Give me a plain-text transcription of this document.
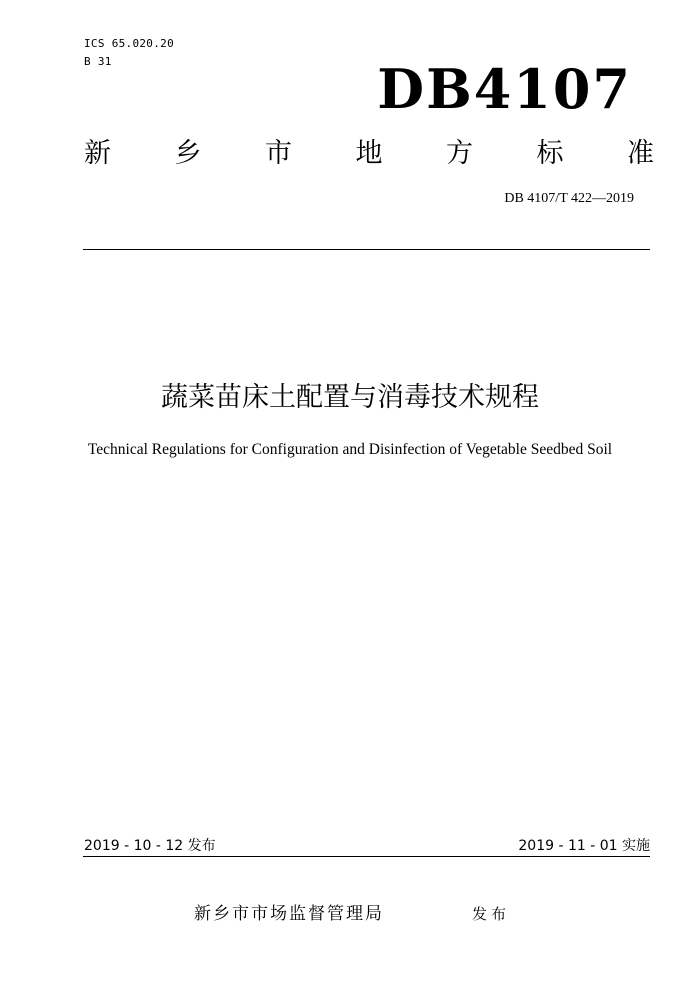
ICS 65.020.20
B 31	DB4107
新 乡 市 地 方 标 准
DB 4107/T 422—2019
蔬菜苗床土配置与消毒技术规程
Technical Regulations for Configuration and Disinfection of Vegetable Seedbed Soil
2019 - 10 - 12 发布	2019 - 11 - 01 实施
新乡市市场监督管理局	发布
